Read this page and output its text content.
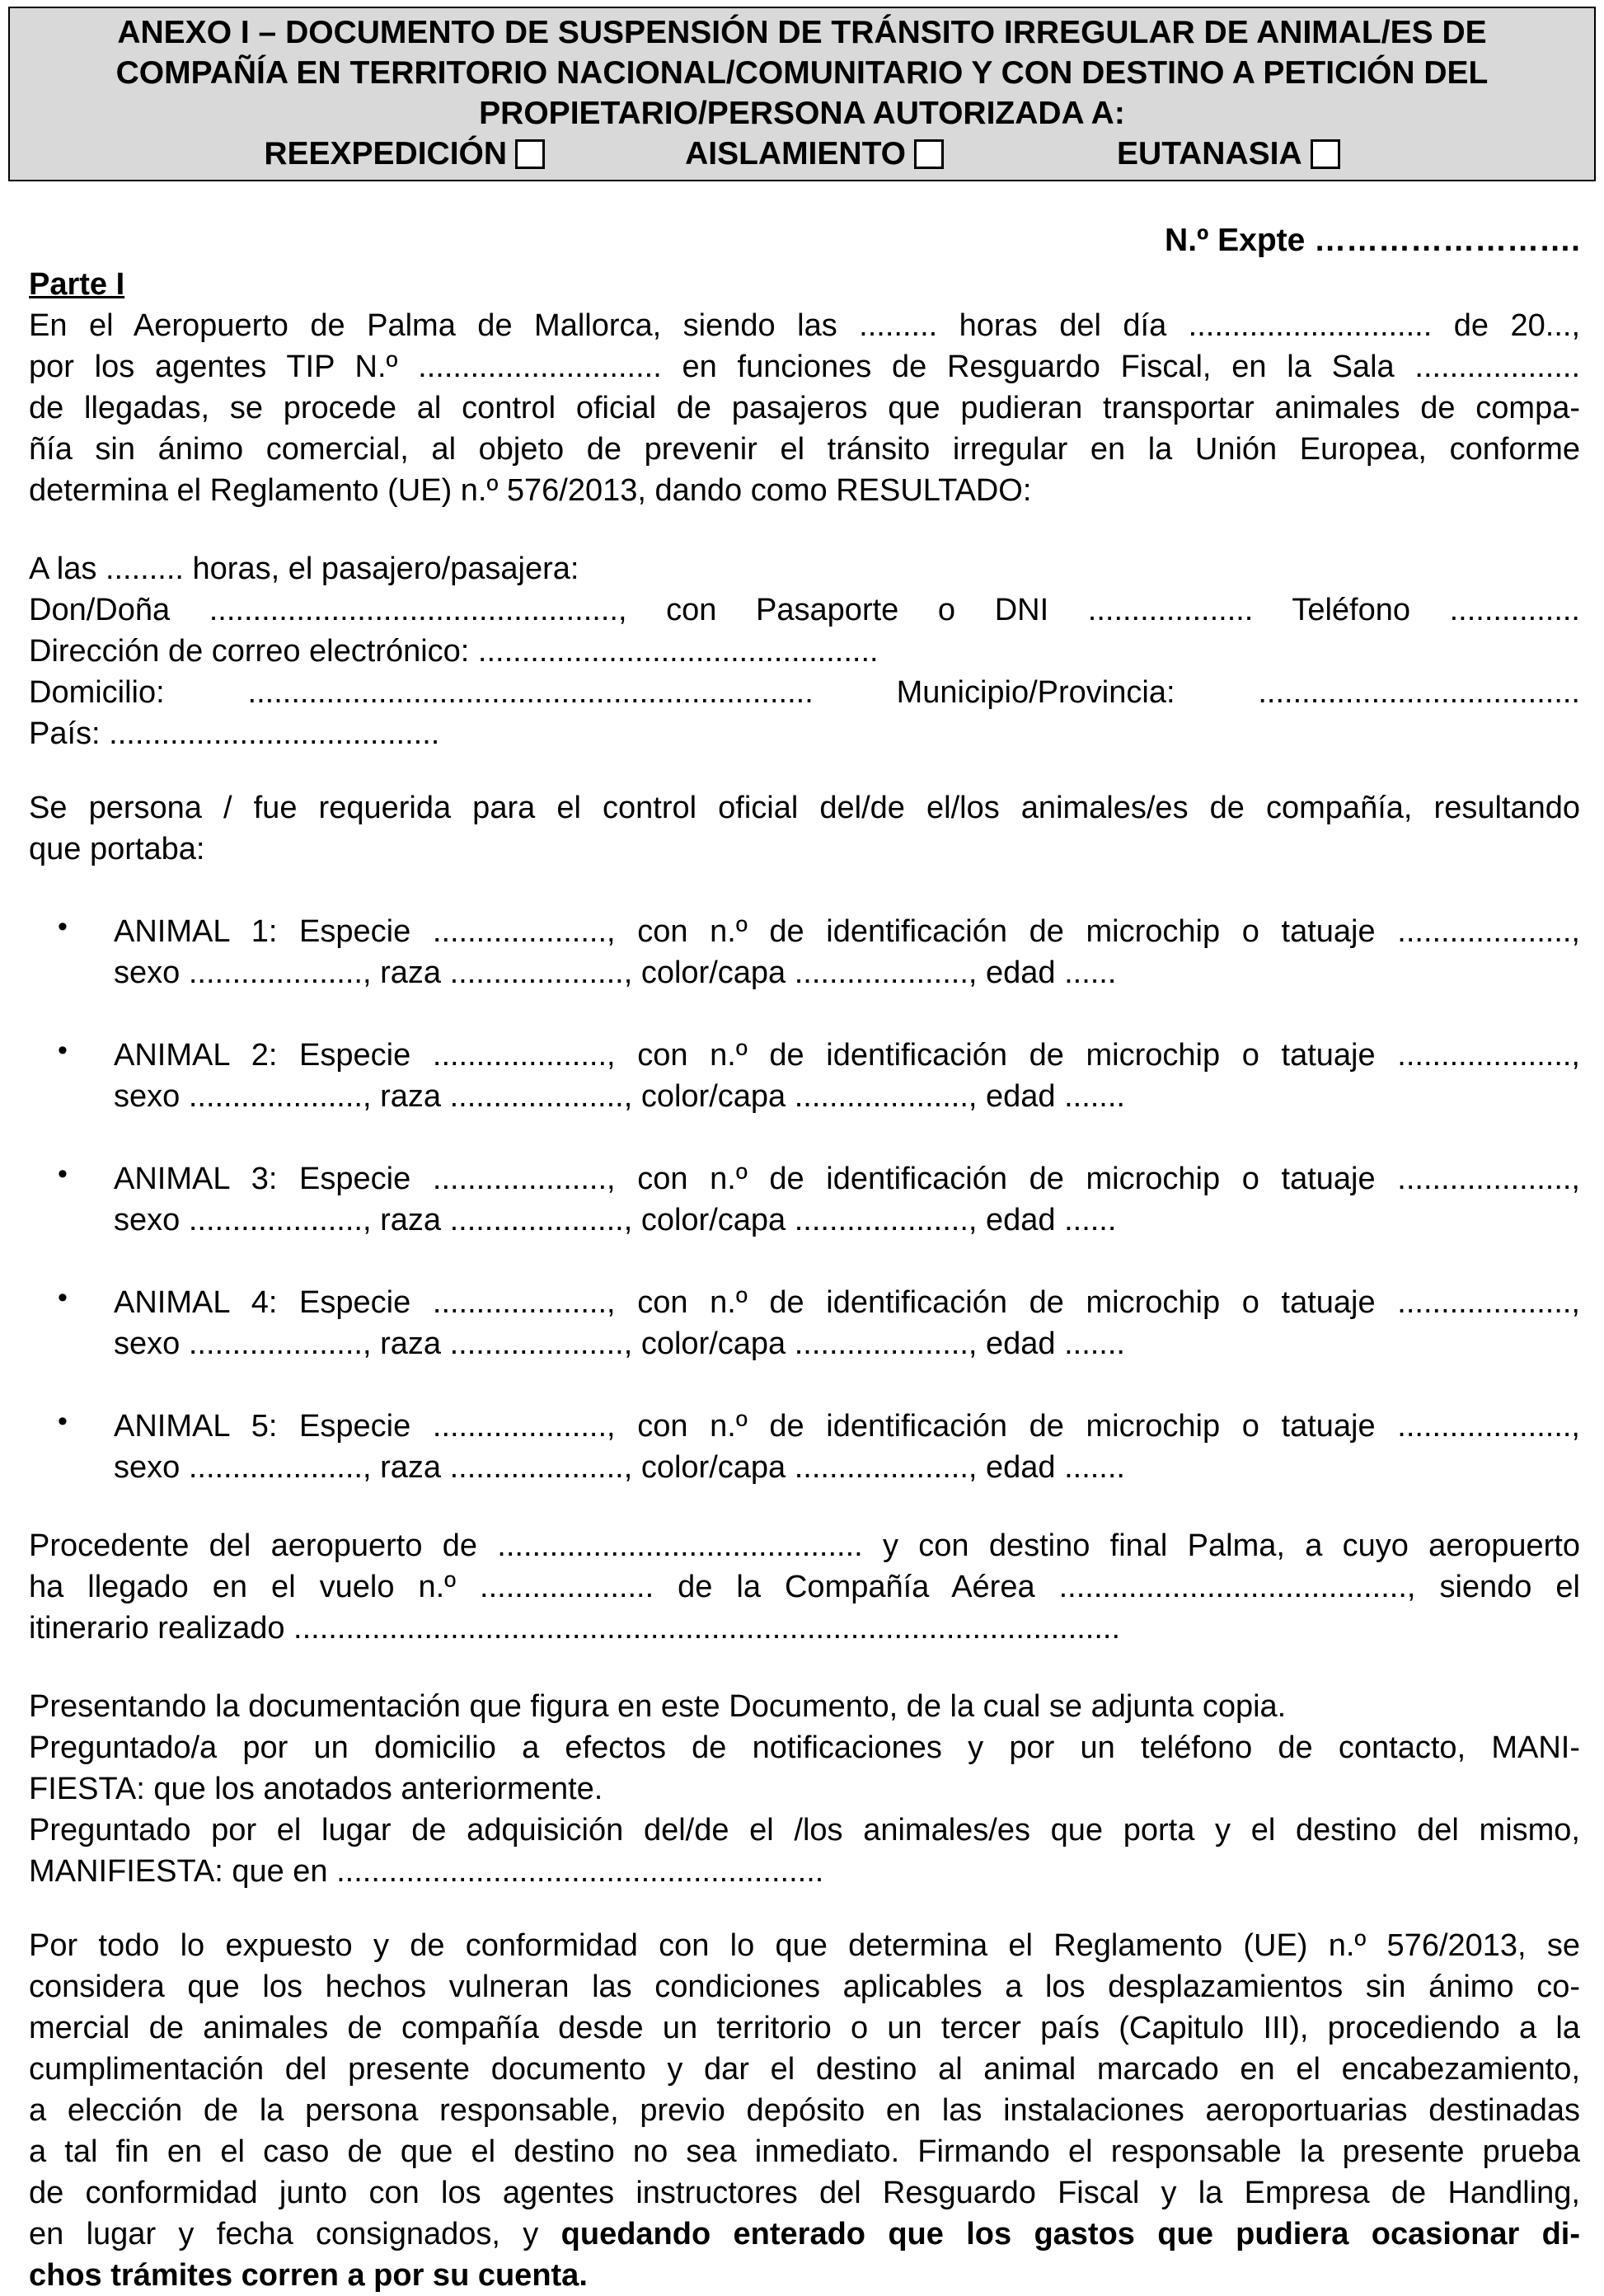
ANEXO I – DOCUMENTO DE SUSPENSIÓN DE TRÁNSITO IRREGULAR DE ANIMAL/ES DE
COMPAÑÍA EN TERRITORIO NACIONAL/COMUNITARIO Y CON DESTINO A PETICIÓN DEL
PROPIETARIO/PERSONA AUTORIZADA A:
REEXPEDICIÓN	AISLAMIENTO	EUTANASIA
N.º Expte …………………….
Parte I
En el Aeropuerto de Palma de Mallorca, siendo las ......... horas del día ............................ de 20...,
por los agentes TIP N.º ............................ en funciones de Resguardo Fiscal, en la Sala ...................
de llegadas, se procede al control oficial de pasajeros que pudieran transportar animales de compa-
ñía sin ánimo comercial, al objeto de prevenir el tránsito irregular en la Unión Europea, conforme
determina el Reglamento (UE) n.º 576/2013, dando como RESULTADO:
A las ......... horas, el pasajero/pasajera:
Don/Doña ..............................................., con Pasaporte o DNI ................... Teléfono ...............
Dirección de correo electrónico: ..............................................
Domicilio: ................................................................. Municipio/Provincia: .....................................
País: ......................................
Se persona / fue requerida para el control oficial del/de el/los animales/es de compañía, resultando
que portaba:
• ANIMAL 1: Especie ...................., con n.º de identificación de microchip o tatuaje ....................,
sexo ...................., raza ...................., color/capa ...................., edad ......
• ANIMAL 2: Especie ...................., con n.º de identificación de microchip o tatuaje ....................,
sexo ...................., raza ...................., color/capa ...................., edad .......
• ANIMAL 3: Especie ...................., con n.º de identificación de microchip o tatuaje ....................,
sexo ...................., raza ...................., color/capa ...................., edad ......
• ANIMAL 4: Especie ...................., con n.º de identificación de microchip o tatuaje ....................,
sexo ...................., raza ...................., color/capa ...................., edad .......
• ANIMAL 5: Especie ...................., con n.º de identificación de microchip o tatuaje ....................,
sexo ...................., raza ...................., color/capa ...................., edad .......
Procedente del aeropuerto de .......................................... y con destino final Palma, a cuyo aeropuerto
ha llegado en el vuelo n.º .................... de la Compañía Aérea ........................................, siendo el
itinerario realizado ...............................................................................................
Presentando la documentación que figura en este Documento, de la cual se adjunta copia.
Preguntado/a por un domicilio a efectos de notificaciones y por un teléfono de contacto, MANI-
FIESTA: que los anotados anteriormente.
Preguntado por el lugar de adquisición del/de el /los animales/es que porta y el destino del mismo,
MANIFIESTA: que en ........................................................
Por todo lo expuesto y de conformidad con lo que determina el Reglamento (UE) n.º 576/2013, se
considera que los hechos vulneran las condiciones aplicables a los desplazamientos sin ánimo co-
mercial de animales de compañía desde un territorio o un tercer país (Capitulo III), procediendo a la
cumplimentación del presente documento y dar el destino al animal marcado en el encabezamiento,
a elección de la persona responsable, previo depósito en las instalaciones aeroportuarias destinadas
a tal fin en el caso de que el destino no sea inmediato. Firmando el responsable la presente prueba
de conformidad junto con los agentes instructores del Resguardo Fiscal y la Empresa de Handling,
en lugar y fecha consignados, y quedando enterado que los gastos que pudiera ocasionar di-
chos trámites corren a por su cuenta.
